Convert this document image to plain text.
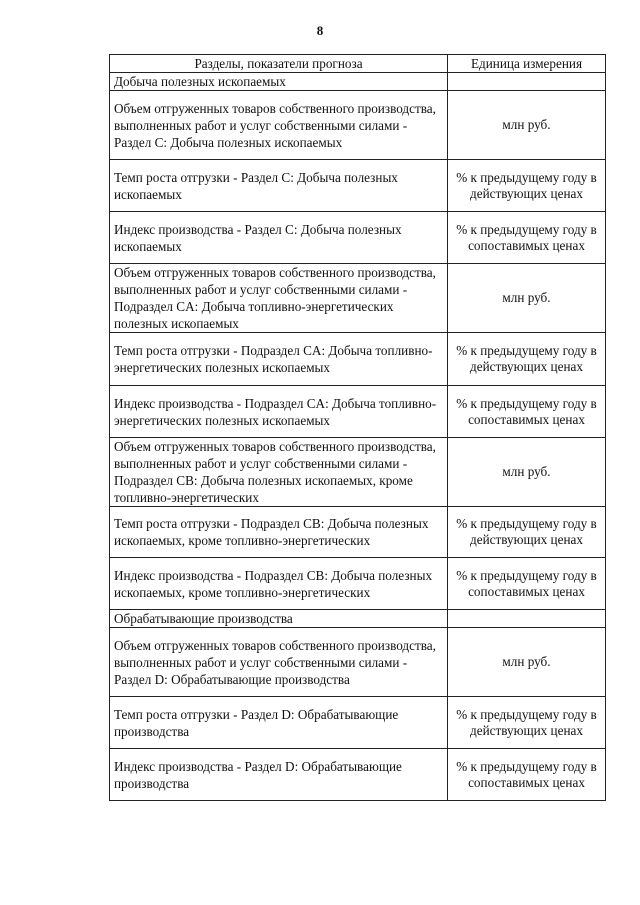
8
Разделы, показатели прогноза	Единица измерения
Добыча полезных ископаемых	
Объем отгруженных товаров собственного производства, выполненных работ и услуг собственными силами - Раздел C: Добыча полезных ископаемых	млн руб.
Темп роста отгрузки - Раздел C: Добыча полезных ископаемых	% к предыдущему году в действующих ценах
Индекс производства - Раздел C: Добыча полезных ископаемых	% к предыдущему году в сопоставимых ценах
Объем отгруженных товаров собственного производства, выполненных работ и услуг собственными силами - Подраздел CA: Добыча топливно-энергетических полезных ископаемых	млн руб.
Темп роста отгрузки - Подраздел CA: Добыча топливно-энергетических полезных ископаемых	% к предыдущему году в действующих ценах
Индекс производства - Подраздел CA: Добыча топливно-энергетических полезных ископаемых	% к предыдущему году в сопоставимых ценах
Объем отгруженных товаров собственного производства, выполненных работ и услуг собственными силами - Подраздел CB: Добыча полезных ископаемых, кроме топливно-энергетических	млн руб.
Темп роста отгрузки - Подраздел CB: Добыча полезных ископаемых, кроме топливно-энергетических	% к предыдущему году в действующих ценах
Индекс производства - Подраздел CB: Добыча полезных ископаемых, кроме топливно-энергетических	% к предыдущему году в сопоставимых ценах
Обрабатывающие производства	
Объем отгруженных товаров собственного производства, выполненных работ и услуг собственными силами - Раздел D: Обрабатывающие производства	млн руб.
Темп роста отгрузки - Раздел D: Обрабатывающие производства	% к предыдущему году в действующих ценах
Индекс производства - Раздел D: Обрабатывающие производства	% к предыдущему году в сопоставимых ценах
